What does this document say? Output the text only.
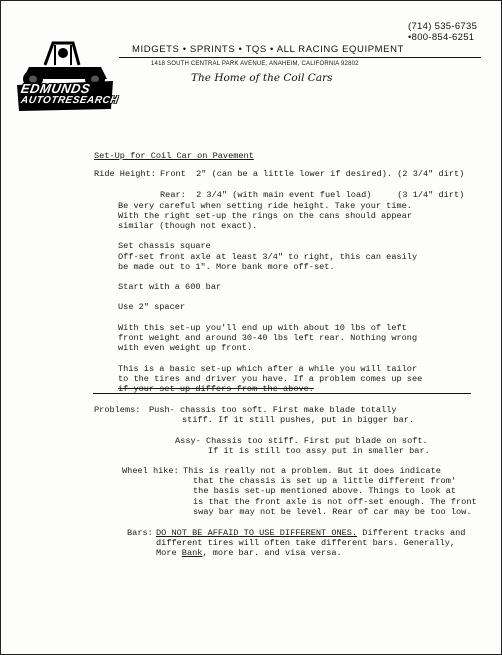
EDMUNDS
AUTOTRESEARCH
(714) 535-6735
•800-854-6251
MIDGETS • SPRINTS • TQS • ALL RACING EQUIPMENT
1418 SOUTH CENTRAL PARK AVENUE, ANAHEIM, CALIFORNIA 92802
The Home of the Coil Cars
Set-Up for Coil Car on Pavement
Ride Height: Front  2" (can be a little lower if desired). (2 3/4" dirt)
Rear:  2 3/4" (with main event fuel load)     (3 1/4" dirt)
Be very careful when setting ride height. Take your time.
With the right set-up the rings on the cans should appear
similar (though not exact).
Set chassis square
Off-set front axle at least 3/4" to right, this can easily
be made out to 1". More bank more off-set.
Start with a 600 bar
Use 2" spacer
With this set-up you'll end up with about 10 lbs of left
front weight and around 30-40 lbs left rear. Nothing wrong
with even weight up front.
This is a basic set-up which after a while you will tailor
to the tires and driver you have. If a problem comes up see
if your set up differs from the above.
Problems: Push- chassis too soft. First make blade totally
stiff. If it still pushes, put in bigger bar.
Assy- Chassis too stiff. First put blade on soft.
If it is still too assy put in smaller bar.
Wheel hike: This is really not a problem. But it does indicate
that the chassis is set up a little different from'
the basis set-up mentioned above. Things to look at
is that the front axle is not off-set enough. The front
sway bar may not be level. Rear of car may be too low.
Bars: DO NOT BE AFFAID TO USE DIFFERENT ONES. Different tracks and
different tires will often take different bars. Generally,
More Bank, more bar. and visa versa.
